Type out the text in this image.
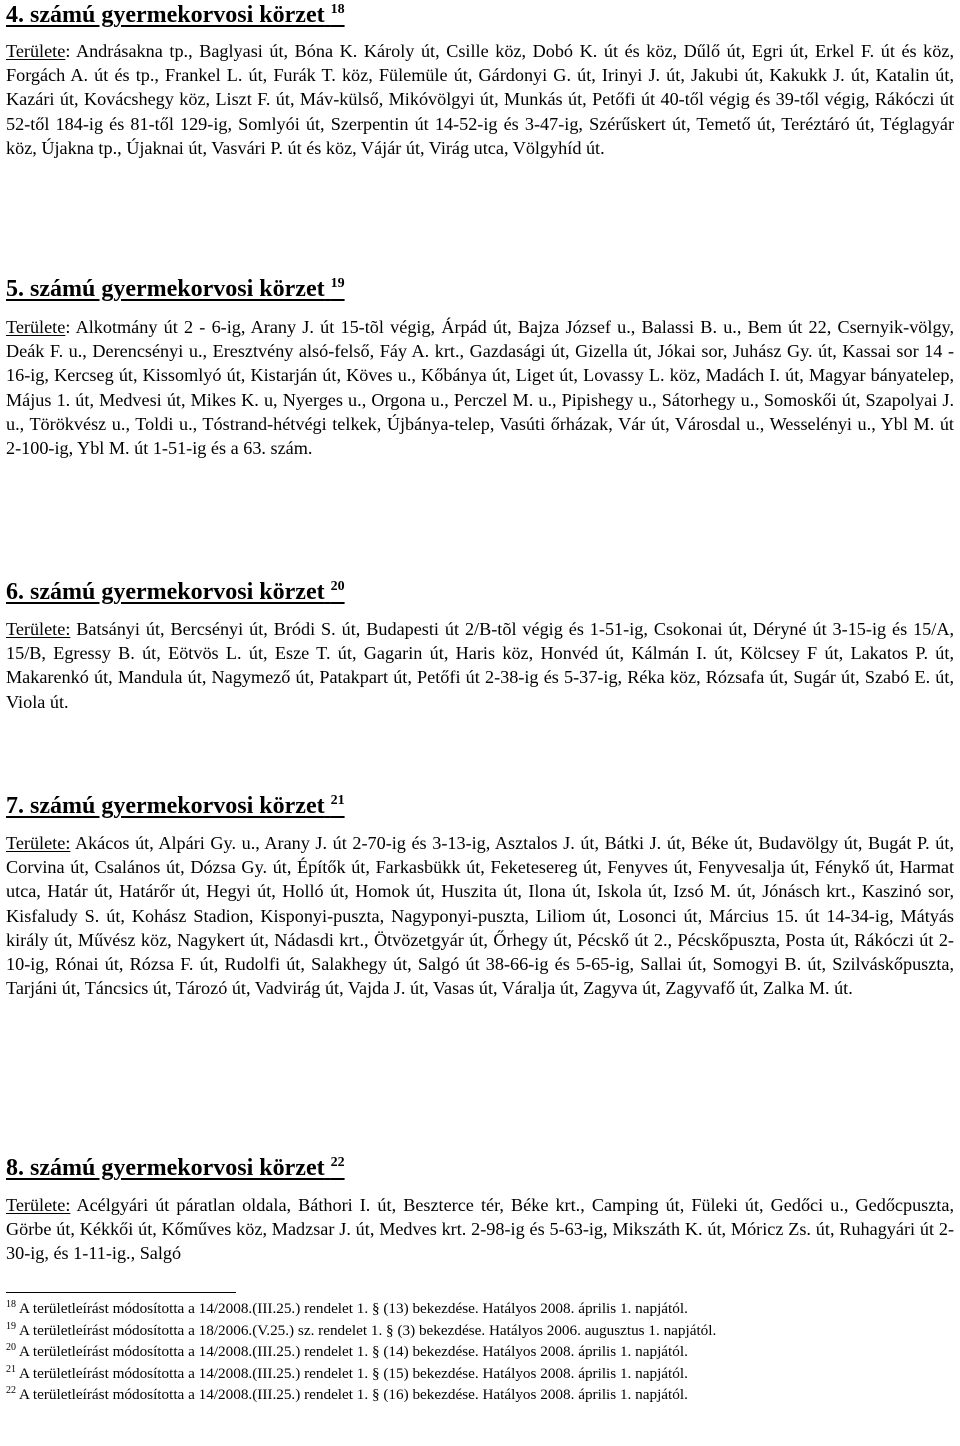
4. számú gyermekorvosi körzet $^{18}$

Területe: Andrásakna tp., Baglyasi út, Bóna K. Károly út, Csille köz, Dobó K. út és köz, Dűlő út, Egri út, Erkel F. út és köz, Forgách A. út és tp., Frankel L. út, Furák T. köz, Fülemüle út, Gárdonyi G. út, Irinyi J. út, Jakubi út, Kakukk J. út, Katalin út, Kazári út, Kovácshegy köz, Liszt F. út, Máv-külső, Mikóvölgyi út, Munkás út, Petőfi út 40-től végig és 39-től végig, Rákóczi út 52-től 184-ig és 81-től 129-ig, Somlyói út, Szerpentin út 14-52-ig és 3-47-ig, Szérűskert út, Temető út, Teréztáró út, Téglagyár köz, Újakna tp., Újaknai út, Vasvári P. út és köz, Vájár út, Virág utca, Völgyhíd út.

5. számú gyermekorvosi körzet $^{19}$

Területe: Alkotmány út 2 - 6-ig, Arany J. út 15-tõl végig, Árpád út, Bajza József u., Balassi B. u., Bem út 22, Csernyik-völgy, Deák F. u., Derencsényi u., Eresztvény alsó-felső, Fáy A. krt., Gazdasági út, Gizella út, Jókai sor, Juhász Gy. út, Kassai sor 14 - 16-ig, Kercseg út, Kissomlyó út, Kistarján út, Köves u., Kőbánya út, Liget út, Lovassy L. köz, Madách I. út, Magyar bányatelep, Május 1. út, Medvesi út, Mikes K. u, Nyerges u., Orgona u., Perczel M. u., Pipishegy u., Sátorhegy u., Somoskői út, Szapolyai J. u., Törökvész u., Toldi u., Tóstrand-hétvégi telkek, Újbánya-telep, Vasúti őrházak, Vár út, Városdal u., Wesselényi u., Ybl M. út 2-100-ig, Ybl M. út 1-51-ig és a 63. szám.

6. számú gyermekorvosi körzet $^{20}$

Területe: Batsányi út, Bercsényi út, Bródi S. út, Budapesti út 2/B-tõl végig és 1-51-ig, Csokonai út, Déryné út 3-15-ig és 15/A, 15/B, Egressy B. út, Eötvös L. út, Esze T. út, Gagarin út, Haris köz, Honvéd út, Kálmán I. út, Kölcsey F út, Lakatos P. út, Makarenkó út, Mandula út, Nagymező út, Patakpart út, Petőfi út 2-38-ig és 5-37-ig, Réka köz, Rózsafa út, Sugár út, Szabó E. út, Viola út.

7. számú gyermekorvosi körzet $^{21}$

Területe: Akácos út, Alpári Gy. u., Arany J. út 2-70-ig és 3-13-ig, Asztalos J. út, Bátki J. út, Béke út, Budavölgy út, Bugát P. út, Corvina út, Csalános út, Dózsa Gy. út, Építők út, Farkasbükk út, Feketesereg út, Fenyves út, Fenyvesalja út, Fénykő út, Harmat utca, Határ út, Határőr út, Hegyi út, Holló út, Homok út, Huszita út, Ilona út, Iskola út, Izsó M. út, Jónásch krt., Kaszinó sor, Kisfaludy S. út, Kohász Stadion, Kisponyi-puszta, Nagyponyi-puszta, Liliom út, Losonci út, Március 15. út 14-34-ig, Mátyás király út, Művész köz, Nagykert út, Nádasdi krt., Ötvözetgyár út, Őrhegy út, Pécskő út 2., Pécskőpuszta, Posta út, Rákóczi út 2-10-ig, Rónai út, Rózsa F. út, Rudolfi út, Salakhegy út, Salgó út 38-66-ig és 5-65-ig, Sallai út, Somogyi B. út, Szilváskőpuszta, Tarjáni út, Táncsics út, Tározó út, Vadvirág út, Vajda J. út, Vasas út, Váralja út, Zagyva út, Zagyvafő út, Zalka M. út.

8. számú gyermekorvosi körzet $^{22}$

Területe: Acélgyári út páratlan oldala, Báthori I. út, Beszterce tér, Béke krt., Camping út, Füleki út, Gedőci u., Gedőcpuszta, Görbe út, Kékkői út, Kőműves köz, Madzsar J. út, Medves krt. 2-98-ig és 5-63-ig, Mikszáth K. út, Móricz Zs. út, Ruhagyári út 2-30-ig, és 1-11-ig., Salgó

$^{18}$ A területleírást módosította a 14/2008.(III.25.) rendelet 1. § (13) bekezdése. Hatályos 2008. április 1. napjától.

$^{19}$ A területleírást módosította a 18/2006.(V.25.) sz. rendelet 1. § (3) bekezdése. Hatályos 2006. augusztus 1. napjától.

$^{20}$ A területleírást módosította a 14/2008.(III.25.) rendelet 1. § (14) bekezdése. Hatályos 2008. április 1. napjától.

$^{21}$ A területleírást módosította a 14/2008.(III.25.) rendelet 1. § (15) bekezdése. Hatályos 2008. április 1. napjától.

$^{22}$ A területleírást módosította a 14/2008.(III.25.) rendelet 1. § (16) bekezdése. Hatályos 2008. április 1. napjától.
